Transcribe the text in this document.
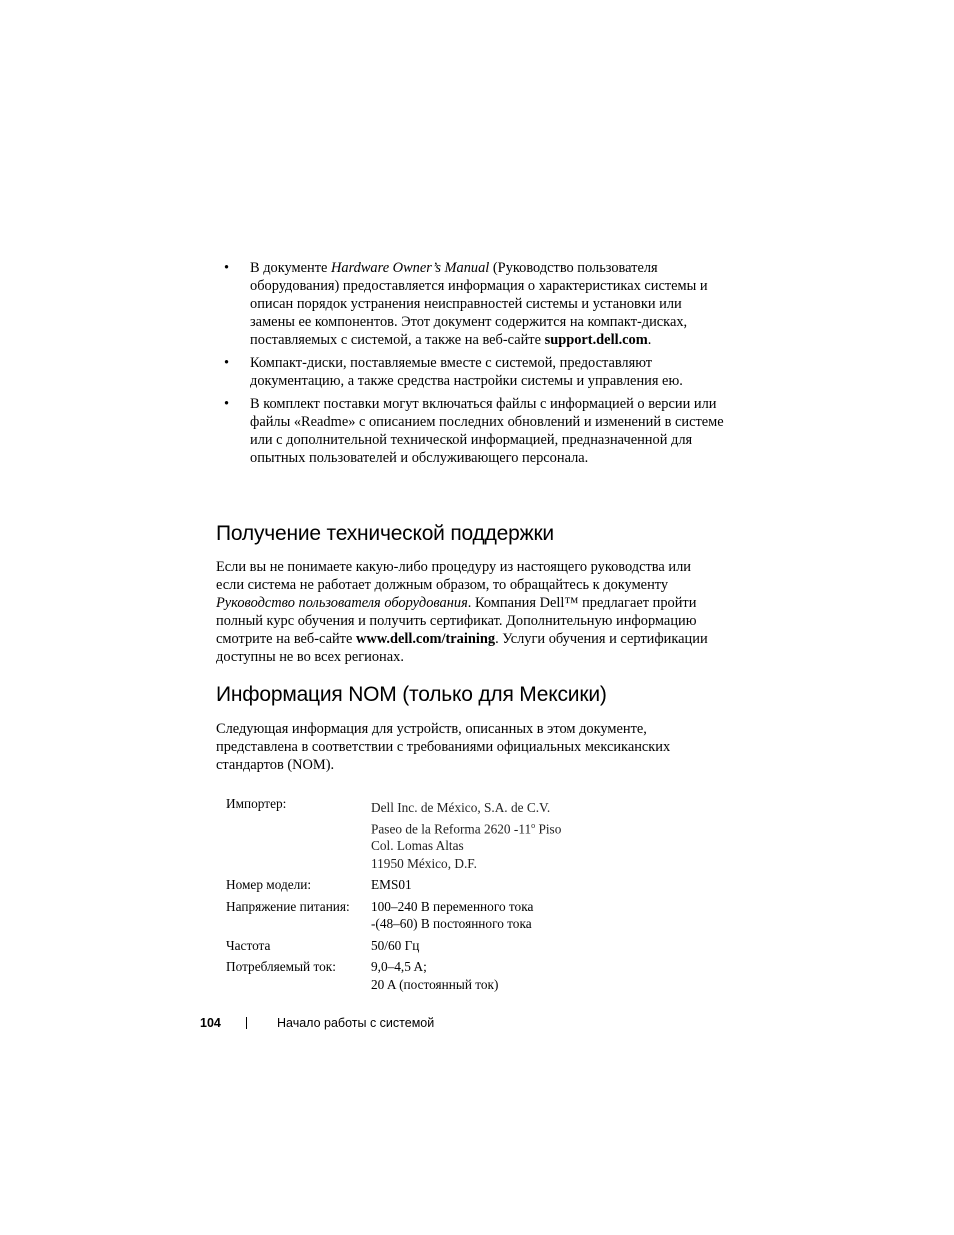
• В документе Hardware Owner’s Manual (Руководство пользователя оборудования) предоставляется информация о характеристиках системы и описан порядок устранения неисправностей системы и установки или замены ее компонентов. Этот документ содержится на компакт-дисках, поставляемых с системой, а также на веб-сайте support.dell.com.
• Компакт-диски, поставляемые вместе с системой, предоставляют документацию, а также средства настройки системы и управления ею.
• В комплект поставки могут включаться файлы с информацией о версии или файлы «Readme» с описанием последних обновлений и изменений в системе или с дополнительной технической информацией, предназначенной для опытных пользователей и обслуживающего персонала.
Получение технической поддержки

Если вы не понимаете какую-либо процедуру из настоящего руководства или если система не работает должным образом, то обращайтесь к документу Руководство пользователя оборудования. Компания Dell™ предлагает пройти полный курс обучения и получить сертификат. Дополнительную информацию смотрите на веб-сайте www.dell.com/training. Услуги обучения и сертификации доступны не во всех регионах.

Информация NOM (только для Мексики)

Следующая информация для устройств, описанных в этом документе, представлена в соответствии с требованиями официальных мексиканских стандартов (NOM).

Импортер:	Dell Inc. de México, S.A. de C.V.
Paseo de la Reforma 2620 -11$^o$ Piso
Col. Lomas Altas
11950 México, D.F.
Номер модели:	EMS01
Напряжение питания:	100–240 В переменного тока
-(48–60) В постоянного тока
Частота	50/60 Гц
Потребляемый ток:	9,0–4,5 A;
20 A (постоянный ток)
104	Начало работы с системой
